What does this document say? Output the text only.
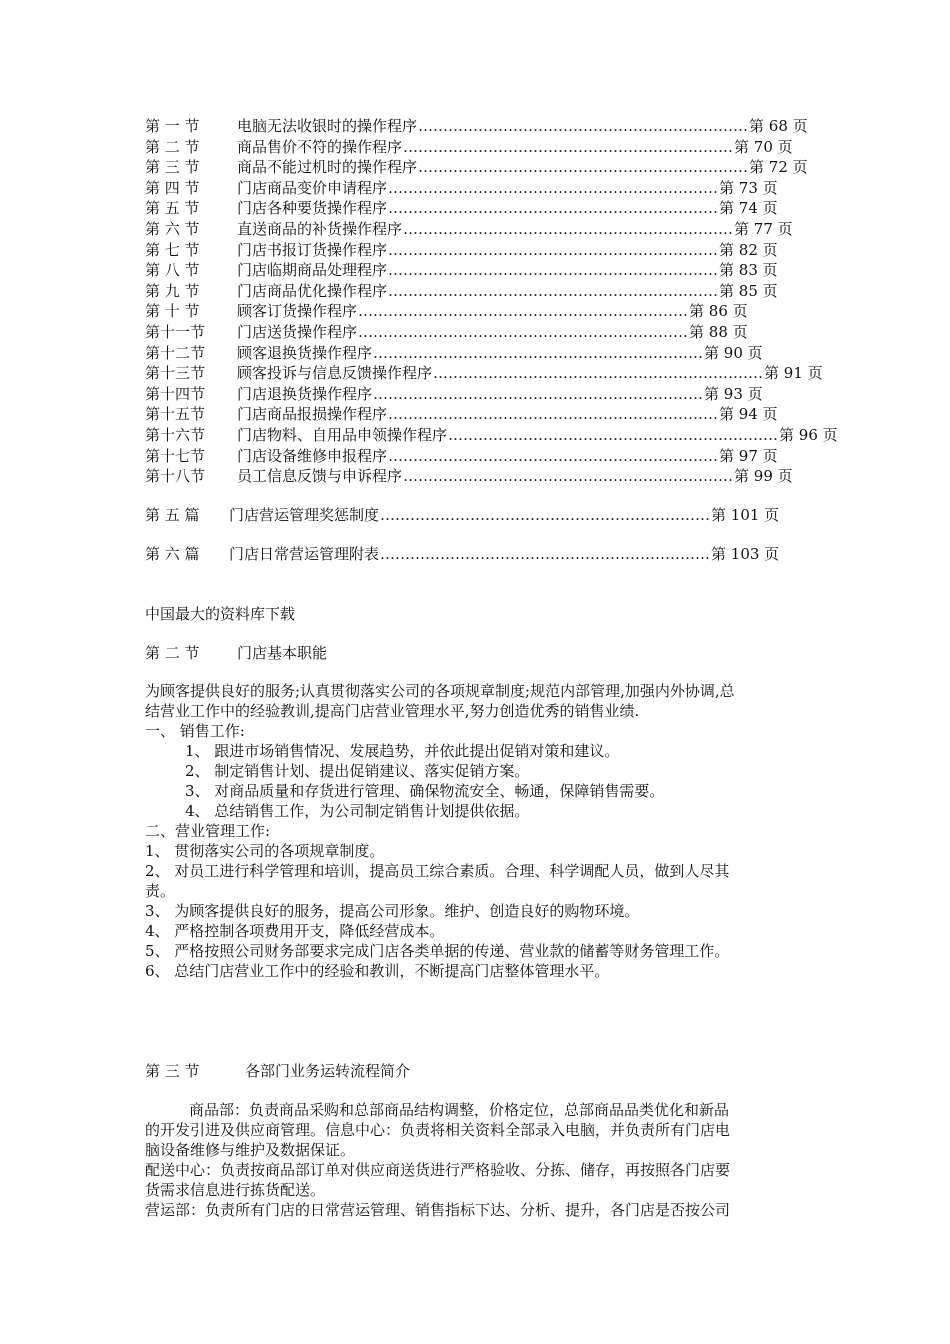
第 一 节	电脑无法收银时的操作程序 ………………………………………………………… 第 68 页
第 二 节	商品售价不符的操作程序 ………………………………………………………… 第 70 页
第 三 节	商品不能过机时的操作程序 ………………………………………………………… 第 72 页
第 四 节	门店商品变价申请程序 ………………………………………………………… 第 73 页
第 五 节	门店各种要货操作程序 ………………………………………………………… 第 74 页
第 六 节	直送商品的补货操作程序 ………………………………………………………… 第 77 页
第 七 节	门店书报订货操作程序 ………………………………………………………… 第 82 页
第 八 节	门店临期商品处理程序 ………………………………………………………… 第 83 页
第 九 节	门店商品优化操作程序 ………………………………………………………… 第 85 页
第 十 节	顾客订货操作程序 ………………………………………………………… 第 86 页
第十一节	门店送货操作程序 ………………………………………………………… 第 88 页
第十二节	顾客退换货操作程序 ………………………………………………………… 第 90 页
第十三节	顾客投诉与信息反馈操作程序 ………………………………………………………… 第 91 页
第十四节	门店退换货操作程序 ………………………………………………………… 第 93 页
第十五节	门店商品报损操作程序 ………………………………………………………… 第 94 页
第十六节	门店物料、自用品申领操作程序 ………………………………………………………… 第 96 页
第十七节	门店设备维修申报程序 ………………………………………………………… 第 97 页
第十八节	员工信息反馈与申诉程序 ………………………………………………………… 第 99 页
第 五 篇	门店营运管理奖惩制度 ………………………………………………………… 第 101 页
第 六 篇	门店日常营运管理附表 ………………………………………………………… 第 103 页
中国最大的资料库下载
第 二 节 门店基本职能
为顾客提供良好的服务;认真贯彻落实公司的各项规章制度;规范内部管理,加强内外协调,总
结营业工作中的经验教训,提高门店营业管理水平,努力创造优秀的销售业绩.
一、 销售工作:
1、 跟进市场销售情况、发展趋势，并依此提出促销对策和建议。
2、 制定销售计划、提出促销建议、落实促销方案。
3、 对商品质量和存货进行管理、确保物流安全、畅通，保障销售需要。
4、 总结销售工作，为公司制定销售计划提供依据。
二、营业管理工作:
1、 贯彻落实公司的各项规章制度。
2、 对员工进行科学管理和培训，提高员工综合素质。合理、科学调配人员，做到人尽其
责。
3、 为顾客提供良好的服务，提高公司形象。维护、创造良好的购物环境。
4、 严格控制各项费用开支，降低经营成本。
5、 严格按照公司财务部要求完成门店各类单据的传递、营业款的储蓄等财务管理工作。
6、 总结门店营业工作中的经验和教训，不断提高门店整体管理水平。
第 三 节	各部门业务运转流程简介
商品部：负责商品采购和总部商品结构调整，价格定位，总部商品品类优化和新品
的开发引进及供应商管理。信息中心：负责将相关资料全部录入电脑，并负责所有门店电
脑设备维修与维护及数据保证。
配送中心：负责按商品部订单对供应商送货进行严格验收、分拣、储存，再按照各门店要
货需求信息进行拣货配送。
营运部：负责所有门店的日常营运管理、销售指标下达、分析、提升，各门店是否按公司
